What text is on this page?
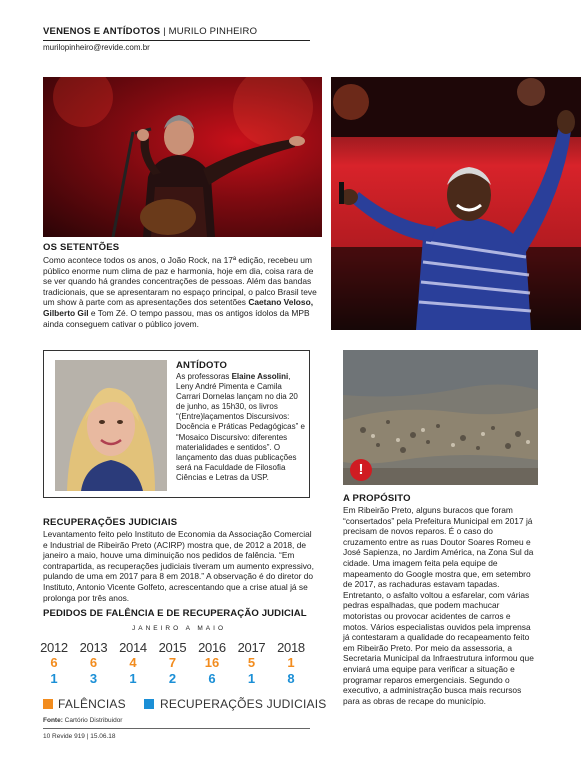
VENENOS E ANTÍDOTOS | MURILO PINHEIRO
murilopinheiro@revide.com.br
OS SETENTÕES

Como acontece todos os anos, o João Rock, na 17ª edição, recebeu um público enorme num clima de paz e harmonia, hoje em dia, coisa rara de se ver quando há grandes concentrações de pessoas. Além das bandas tradicionais, que se apresentaram no espaço principal, o palco Brasil teve um show à parte com as apresentações dos setentões Caetano Veloso, Gilberto Gil e Tom Zé. O tempo passou, mas os antigos ídolos da MPB ainda conseguem cativar o público jovem.

ANTÍDOTO

As professoras Elaine Assolini, Leny André Pimenta e Camila Carrari Dornelas lançam no dia 20 de junho, as 15h30, os livros “(Entre)laçamentos Discursivos: Docência e Práticas Pedagógicas” e “Mosaico Discursivo: diferentes materialidades e sentidos”. O lançamento das duas publicações será na Faculdade de Filosofia Ciências e Letras da USP.

RECUPERAÇÕES JUDICIAIS

Levantamento feito pelo Instituto de Economia da Associação Comercial e Industrial de Ribeirão Preto (ACIRP) mostra que, de 2012 a 2018, de janeiro a maio, houve uma diminuição nos pedidos de falência. “Em contrapartida, as recuperações judiciais tiveram um aumento expressivo, pulando de uma em 2017 para 8 em 2018.” A observação é do diretor do Instituto, Antonio Vicente Golfeto, acrescentando que a crise atual já se prolonga por três anos.

PEDIDOS DE FALÊNCIA E DE RECUPERAÇÃO JUDICIAL
JANEIRO A MAIO
2012
6
1
2013
6
3
2014
4
1
2015
7
2
2016
16
6
2017
5
1
2018
1
8
FALÊNCIAS	RECUPERAÇÕES JUDICIAIS
Fonte: Cartório Distribuidor
10 Revide 919 | 15.06.18
!
A PROPÓSITO

Em Ribeirão Preto, alguns buracos que foram “consertados” pela Prefeitura Municipal em 2017 já precisam de novos reparos. É o caso do cruzamento entre as ruas Doutor Soares Romeu e José Sapienza, no Jardim América, na Zona Sul da cidade. Uma imagem feita pela equipe de mapeamento do Google mostra que, em setembro de 2017, as rachaduras estavam tapadas. Entretanto, o asfalto voltou a esfarelar, com várias pedras espalhadas, que podem machucar motoristas ou provocar acidentes de carros e motos. Vários especialistas ouvidos pela imprensa já contestaram a qualidade do recapeamento feito em Ribeirão Preto. Por meio da assessoria, a Secretaria Municipal da Infraestrutura informou que enviará uma equipe para verificar a situação e programar reparos emergenciais. Segundo o executivo, a administração busca mais recursos para as obras de recape do município.
